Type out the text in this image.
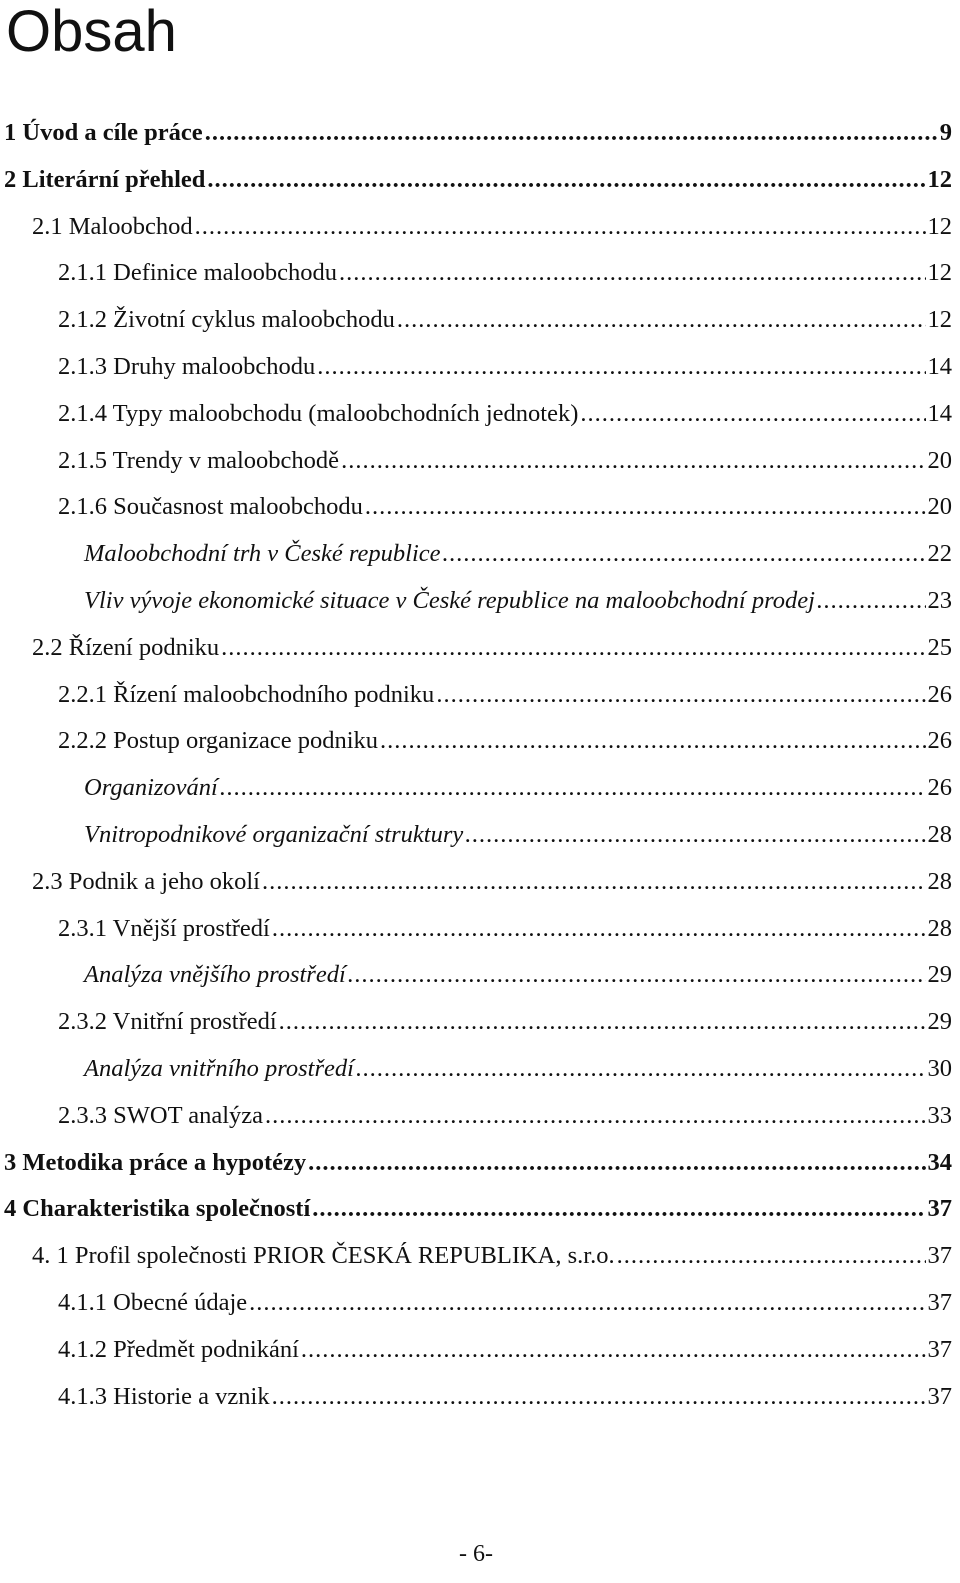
Obsah
1 Úvod a cíle práce .....	9
2 Literární přehled .....	12
2.1 Maloobchod .....	12
2.1.1 Definice maloobchodu .....	12
2.1.2 Životní cyklus maloobchodu .....	12
2.1.3 Druhy maloobchodu .....	14
2.1.4 Typy maloobchodu (maloobchodních jednotek) .....	14
2.1.5 Trendy v maloobchodě .....	20
2.1.6 Současnost maloobchodu .....	20
Maloobchodní trh v České republice .....	22
Vliv vývoje ekonomické situace v České republice na maloobchodní prodej .....	23
2.2 Řízení podniku .....	25
2.2.1 Řízení maloobchodního podniku .....	26
2.2.2 Postup organizace podniku .....	26
Organizování .....	26
Vnitropodnikové organizační struktury .....	28
2.3 Podnik a jeho okolí .....	28
2.3.1 Vnější prostředí .....	28
Analýza vnějšího prostředí .....	29
2.3.2 Vnitřní prostředí .....	29
Analýza vnitřního prostředí .....	30
2.3.3 SWOT analýza .....	33
3 Metodika práce a hypotézy .....	34
4 Charakteristika společností .....	37
4. 1 Profil společnosti PRIOR ČESKÁ REPUBLIKA, s.r.o. .....	37
4.1.1 Obecné údaje .....	37
4.1.2 Předmět podnikání .....	37
4.1.3 Historie a vznik .....	37
- 6-
